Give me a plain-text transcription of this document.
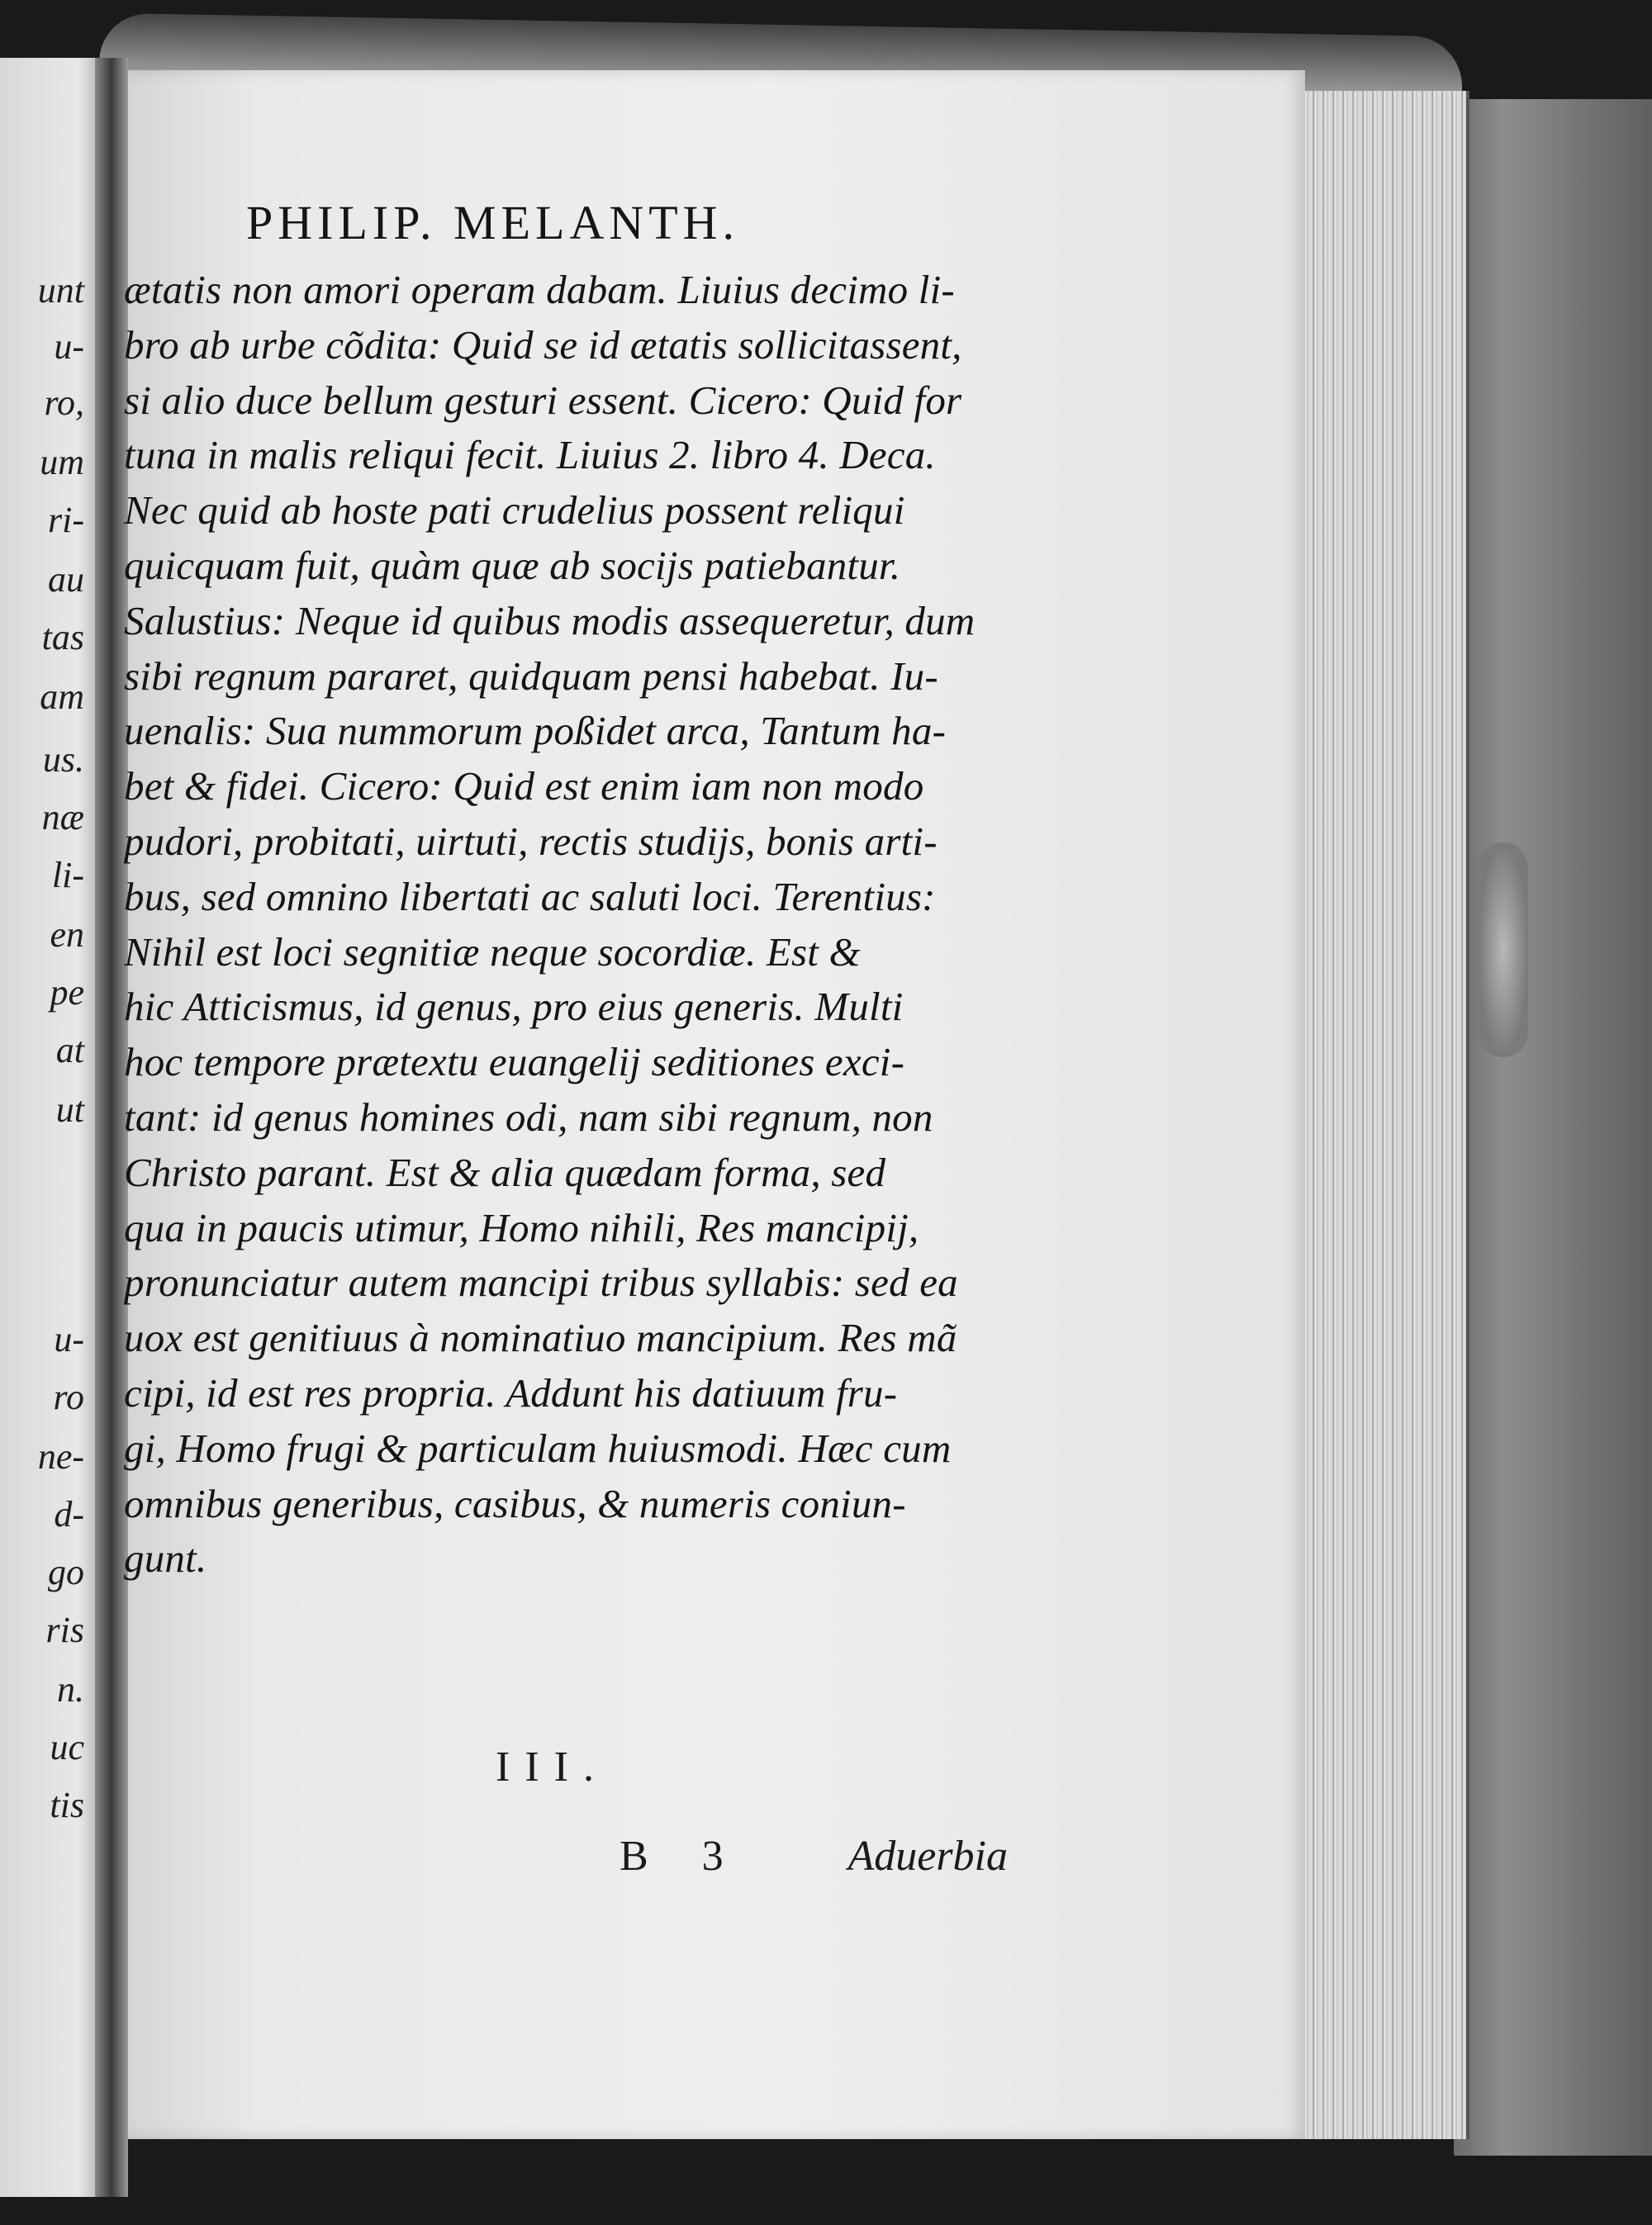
unt
u-
ro,
um
ri-
au
tas
am
us.
næ
li-
en
pe
at
ut
u-
ro
ne-
d-
go
ris
n.
uc
tis
PHILIP. MELANTH.
ætatis non amori operam dabam. Liuius decimo li-
bro ab urbe cõdita: Quid se id ætatis sollicitassent,
si alio duce bellum gesturi essent. Cicero: Quid for
tuna in malis reliqui fecit. Liuius 2. libro 4. Deca.
Nec quid ab hoste pati crudelius possent reliqui
quicquam fuit, quàm quæ ab socijs patiebantur.
Salustius: Neque id quibus modis assequeretur, dum
sibi regnum pararet, quidquam pensi habebat. Iu-
uenalis: Sua nummorum poßidet arca, Tantum ha-
bet & fidei. Cicero: Quid est enim iam non modo
pudori, probitati, uirtuti, rectis studijs, bonis arti-
bus, sed omnino libertati ac saluti loci. Terentius:
Nihil est loci segnitiæ neque socordiæ. Est &
hic Atticismus, id genus, pro eius generis. Multi
hoc tempore prætextu euangelij seditiones exci-
tant: id genus homines odi, nam sibi regnum, non
Christo parant. Est & alia quædam forma, sed
qua in paucis utimur, Homo nihili, Res mancipij,
pronunciatur autem mancipi tribus syllabis: sed ea
uox est genitiuus à nominatiuo mancipium. Res mã
cipi, id est res propria. Addunt his datiuum fru-
gi, Homo frugi & particulam huiusmodi. Hæc cum
omnibus generibus, casibus, & numeris coniun-
gunt.
III.
B 3 Aduerbia
